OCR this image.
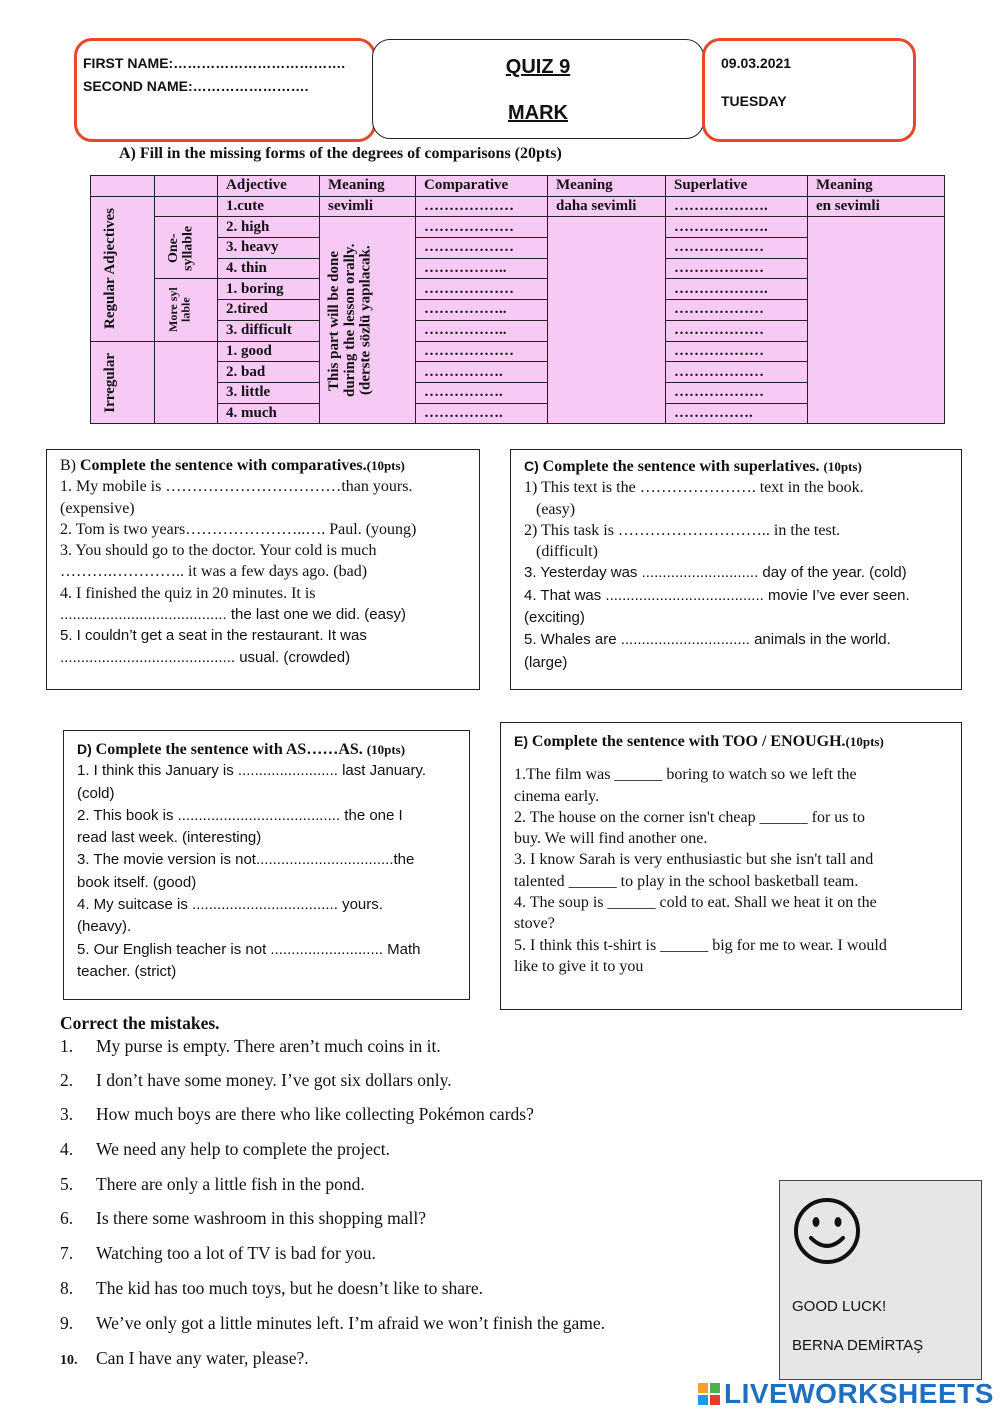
FIRST NAME:……………………………….
SECOND NAME:…………………….
QUIZ 9
MARK
09.03.2021
TUESDAY
A) Fill in the missing forms of the degrees of comparisons (20pts)
		Adjective	Meaning	Comparative	Meaning	Superlative	Meaning

Regular Adjectives		1.cute	sevimli	………………	daha sevimli	……………….	en sevimli

	One-syllable	2. high	This part will be done during the lesson orally.(derste sözlü yapılacak.	………………		……………….	
		3. heavy		………………		………………	
		4. thin		……………..		………………	

	More syllable	1. boring		………………		……………….	
		2.tired		……………..		………………	
		3. difficult		……………..		………………	

Irregular		1. good		………………		………………	
		2. bad		…………….		………………	
		3. little		…………….		………………	
		4. much		…………….		…………….	
B) Complete the sentence with comparatives.(10pts)
1. My mobile is ……………………………than yours.
(expensive)
2. Tom is two years…………………..…. Paul. (young)
3. You should go to the doctor. Your cold is much
……….………….. it was a few days ago. (bad)
4. I finished the quiz in 20 minutes. It is
........................................ the last one we did. (easy)
5. I couldn’t get a seat in the restaurant. It was
.......................................... usual. (crowded)
C) Complete the sentence with superlatives. (10pts)
1) This text is the …………………. text in the book.
(easy)
2) This task is ……………………….. in the test.
(difficult)
3. Yesterday was ............................ day of the year. (cold)
4. That was ...................................... movie I’ve ever seen.
(exciting)
5. Whales are ............................... animals in the world.
(large)
D) Complete the sentence with AS……AS. (10pts)
1. I think this January is ........................ last January.
(cold)
2. This book is ....................................... the one I
read last week. (interesting)
3. The movie version is not.................................the
book itself. (good)
4. My suitcase is ................................... yours.
(heavy).
5. Our English teacher is not ........................... Math
teacher. (strict)
E) Complete the sentence with TOO / ENOUGH.(10pts)
1.The film was ______ boring to watch so we left the
cinema early.
2. The house on the corner isn't cheap ______ for us to
buy. We will find another one.
3. I know Sarah is very enthusiastic but she isn't tall and
talented ______ to play in the school basketball team.
4. The soup is ______ cold to eat. Shall we heat it on the
stove?
5. I think this t-shirt is ______ big for me to wear. I would
like to give it to you
Correct the mistakes.
1. My purse is empty. There aren’t much coins in it.
2. I don’t have some money. I’ve got six dollars only.
3. How much boys are there who like collecting Pokémon cards?
4. We need any help to complete the project.
5. There are only a little fish in the pond.
6. Is there some washroom in this shopping mall?
7. Watching too a lot of TV is bad for you.
8. The kid has too much toys, but he doesn’t like to share.
9. We’ve only got a little minutes left. I’m afraid we won’t finish the game.
10. Can I have any water, please?.
GOOD LUCK!
BERNA DEMİRTAŞ
LIVEWORKSHEETS
